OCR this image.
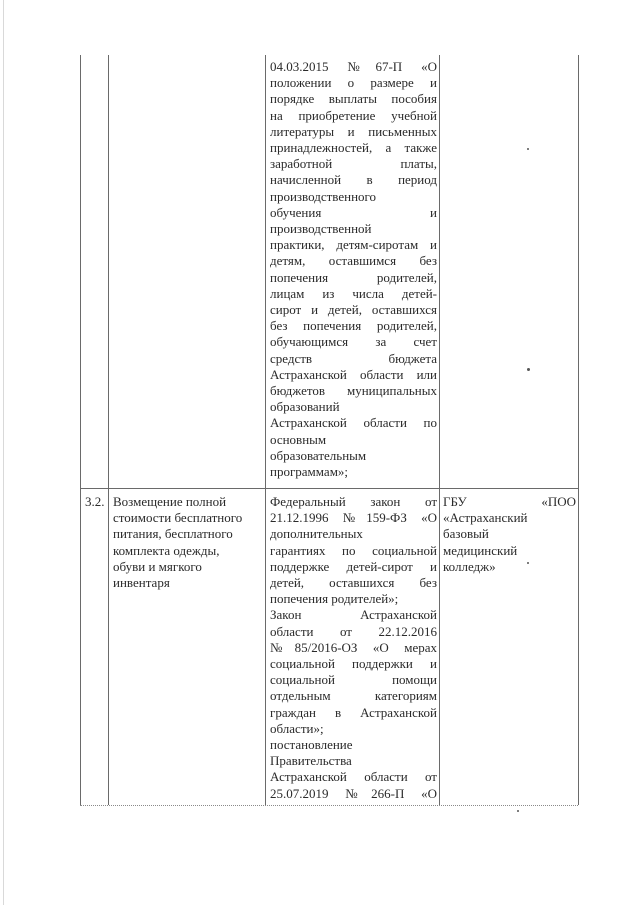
04.03.2015 №67-П «О
положении о размере и
порядке выплаты пособия
на приобретение учебной
литературы и письменных
принадлежностей, а также
заработной платы,
начисленной в период
производственного
обучения и
производственной
практики, детям-сиротам и
детям, оставшимся без
попечения родителей,
лицам из числа детей-
сирот и детей, оставшихся
без попечения родителей,
обучающимся за счет
средств бюджета
Астраханской области или
бюджетов муниципальных
образований
Астраханской области по
основным
образовательным
программам»;
3.2. Возмещение полной
стоимости бесплатного
питания, бесплатного
комплекта одежды,
обуви и мягкого
инвентаря
Федеральный закон от
21.12.1996 №159-ФЗ «О
дополнительных
гарантиях по социальной
поддержке детей-сирот и
детей, оставшихся без
попечения родителей»;
Закон Астраханской
области от 22.12.2016
№85/2016-ОЗ «О мерах
социальной поддержки и
социальной помощи
отдельным категориям
граждан в Астраханской
области»;
постановление
Правительства
Астраханской области от
25.07.2019 №266-П «О
ГБУ «ПОО
«Астраханский
базовый
медицинский
колледж»
